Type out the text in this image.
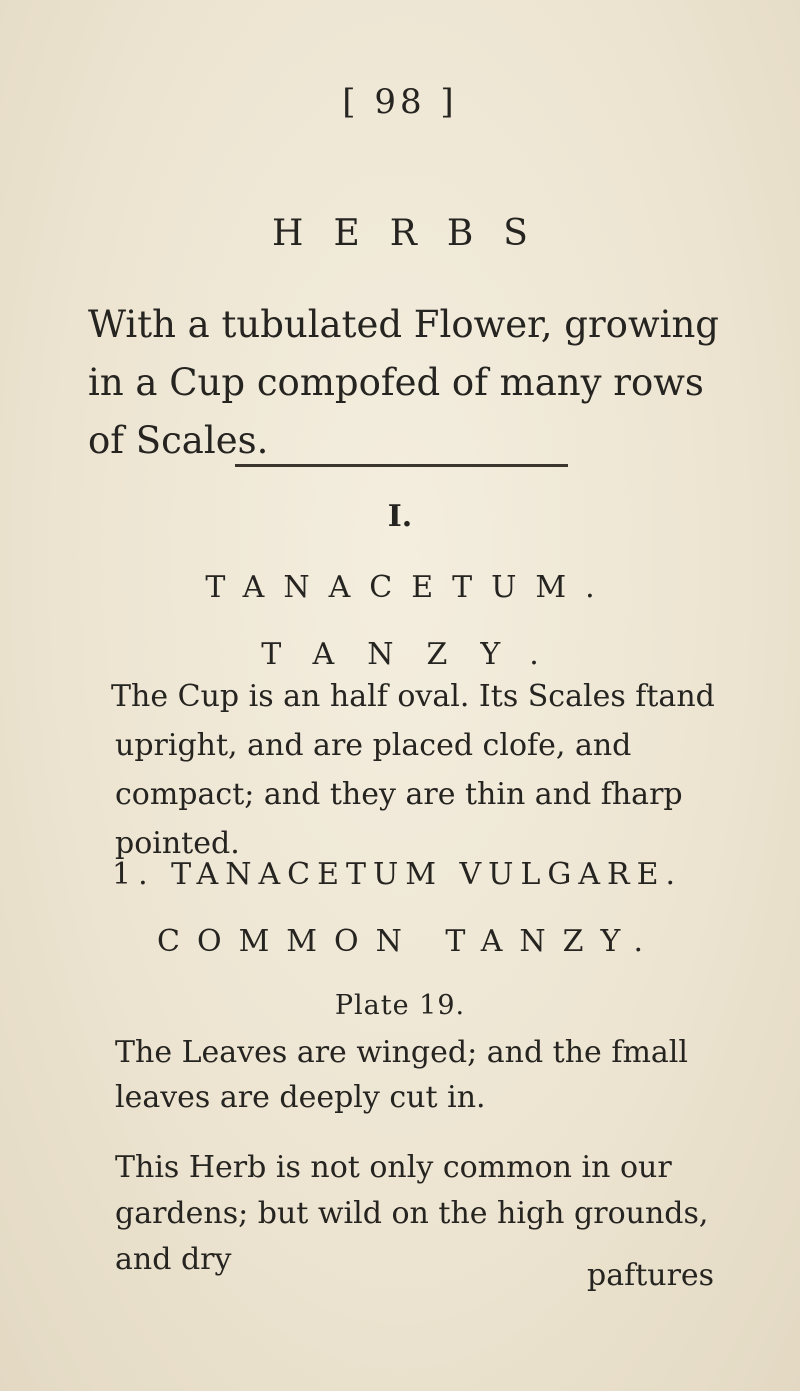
[ 98 ]
HERBS
With a tubulated Flower, growing in a Cup compofed of many rows of Scales.
I.
TANACETUM.
TANZY.
The Cup is an half oval. Its Scales ftand upright, and are placed clofe, and compact; and they are thin and fharp pointed.
1. TANACETUM VULGARE.
COMMON TANZY.
Plate 19.
The Leaves are winged; and the fmall leaves are deeply cut in.
This Herb is not only common in our gardens; but wild on the high grounds, and dry	paftures
